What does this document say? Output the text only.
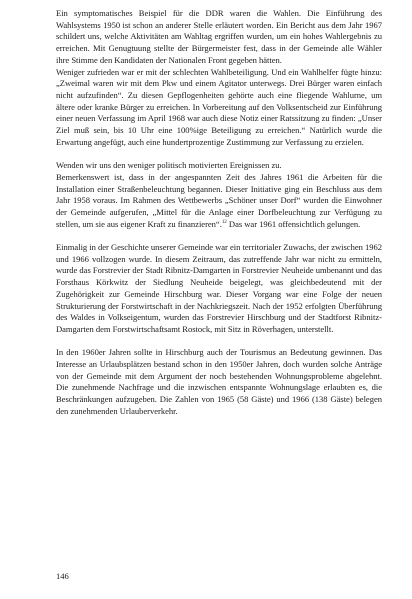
Ein symptomatisches Beispiel für die DDR waren die Wahlen. Die Einführung des Wahlsystems 1950 ist schon an anderer Stelle erläutert worden. Ein Bericht aus dem Jahr 1967 schildert uns, welche Aktivitäten am Wahltag ergriffen wurden, um ein hohes Wahlergebnis zu erreichen. Mit Genugtuung stellte der Bürgermeister fest, dass in der Gemeinde alle Wähler ihre Stimme den Kandidaten der Nationalen Front gegeben hätten.

Weniger zufrieden war er mit der schlechten Wahlbeteiligung. Und ein Wahlhelfer fügte hinzu: „Zweimal waren wir mit dem Pkw und einem Agitator unterwegs. Drei Bürger waren einfach nicht aufzufinden“. Zu diesen Gepflogenheiten gehörte auch eine fliegende Wahlurne, um ältere oder kranke Bürger zu erreichen. In Vorbereitung auf den Volksentscheid zur Einführung einer neuen Verfassung im April 1968 war auch diese Notiz einer Ratssitzung zu finden: „Unser Ziel muß sein, bis 10 Uhr eine 100%ige Beteiligung zu erreichen.“ Natürlich wurde die Erwartung angefügt, auch eine hundertprozentige Zustimmung zur Verfassung zu erzielen.

Wenden wir uns den weniger politisch motivierten Ereignissen zu.

Bemerkenswert ist, dass in der angespannten Zeit des Jahres 1961 die Arbeiten für die Installation einer Straßenbeleuchtung begannen. Dieser Initiative ging ein Beschluss aus dem Jahr 1958 voraus. Im Rahmen des Wettbewerbs „Schöner unser Dorf“ wurden die Einwohner der Gemeinde aufgerufen, „Mittel für die Anlage einer Dorfbeleuchtung zur Verfügung zu stellen, um sie aus eigener Kraft zu finanzieren“.$^{12}$ Das war 1961 offensichtlich gelungen.

Einmalig in der Geschichte unserer Gemeinde war ein territorialer Zuwachs, der zwischen 1962 und 1966 vollzogen wurde. In diesem Zeitraum, das zutreffende Jahr war nicht zu ermitteln, wurde das Forstrevier der Stadt Ribnitz-Damgarten in Forstrevier Neuheide umbenannt und das Forsthaus Körkwitz der Siedlung Neuheide beigelegt, was gleichbedeutend mit der Zugehörigkeit zur Gemeinde Hirschburg war. Dieser Vorgang war eine Folge der neuen Strukturierung der Forstwirtschaft in der Nachkriegszeit. Nach der 1952 erfolgten Überführung des Waldes in Volkseigentum, wurden das Forstrevier Hirschburg und der Stadtforst Ribnitz-Damgarten dem Forstwirtschaftsamt Rostock, mit Sitz in Röverhagen, unterstellt.

In den 1960er Jahren sollte in Hirschburg auch der Tourismus an Bedeutung gewinnen. Das Interesse an Urlaubsplätzen bestand schon in den 1950er Jahren, doch wurden solche Anträge von der Gemeinde mit dem Argument der noch bestehenden Wohnungsprobleme abgelehnt. Die zunehmende Nachfrage und die inzwischen entspannte Wohnungslage erlaubten es, die Beschränkungen aufzugeben. Die Zahlen von 1965 (58 Gäste) und 1966 (138 Gäste) belegen den zunehmenden Urlauberverkehr.

146
